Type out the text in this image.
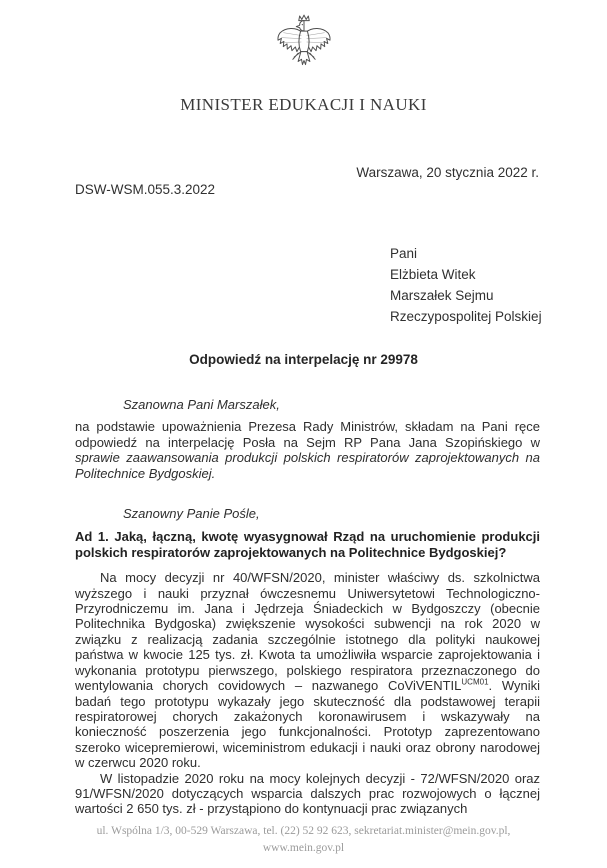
MINISTER EDUKACJI I NAUKI
Warszawa, 20 stycznia 2022 r.
DSW-WSM.055.3.2022
Pani
Elżbieta Witek
Marszałek Sejmu
Rzeczypospolitej Polskiej
Odpowiedź na interpelację nr 29978

Szanowna Pani Marszałek,

na podstawie upoważnienia Prezesa Rady Ministrów, składam na Pani ręce odpowiedź na interpelację Posła na Sejm RP Pana Jana Szopińskiego w sprawie zaawansowania produkcji polskich respiratorów zaprojektowanych na Politechnice Bydgoskiej.

Szanowny Panie Pośle,

Ad 1. Jaką, łączną, kwotę wyasygnował Rząd na uruchomienie produkcji polskich respiratorów zaprojektowanych na Politechnice Bydgoskiej?

Na mocy decyzji nr 40/WFSN/2020, minister właściwy ds. szkolnictwa wyższego i nauki przyznał ówczesnemu Uniwersytetowi Technologiczno-Przyrodniczemu im. Jana i Jędrzeja Śniadeckich w Bydgoszczy (obecnie Politechnika Bydgoska) zwiększenie wysokości subwencji na rok 2020 w związku z realizacją zadania szczególnie istotnego dla polityki naukowej państwa w kwocie 125 tys. zł. Kwota ta umożliwiła wsparcie zaprojektowania i wykonania prototypu pierwszego, polskiego respiratora przeznaczonego do wentylowania chorych covidowych – nazwanego CoViVENTIL$^{UCM01}$. Wyniki badań tego prototypu wykazały jego skuteczność dla podstawowej terapii respiratorowej chorych zakażonych koronawirusem i wskazywały na konieczność poszerzenia jego funkcjonalności. Prototyp zaprezentowano szeroko wicepremierowi, wiceministrom edukacji i nauki oraz obrony narodowej w czerwcu 2020 roku.

W listopadzie 2020 roku na mocy kolejnych decyzji - 72/WFSN/2020 oraz 91/WFSN/2020 dotyczących wsparcia dalszych prac rozwojowych o łącznej wartości 2 650 tys. zł - przystąpiono do kontynuacji prac związanych

ul. Wspólna 1/3, 00-529 Warszawa, tel. (22) 52 92 623, sekretariat.minister@mein.gov.pl,
www.mein.gov.pl
